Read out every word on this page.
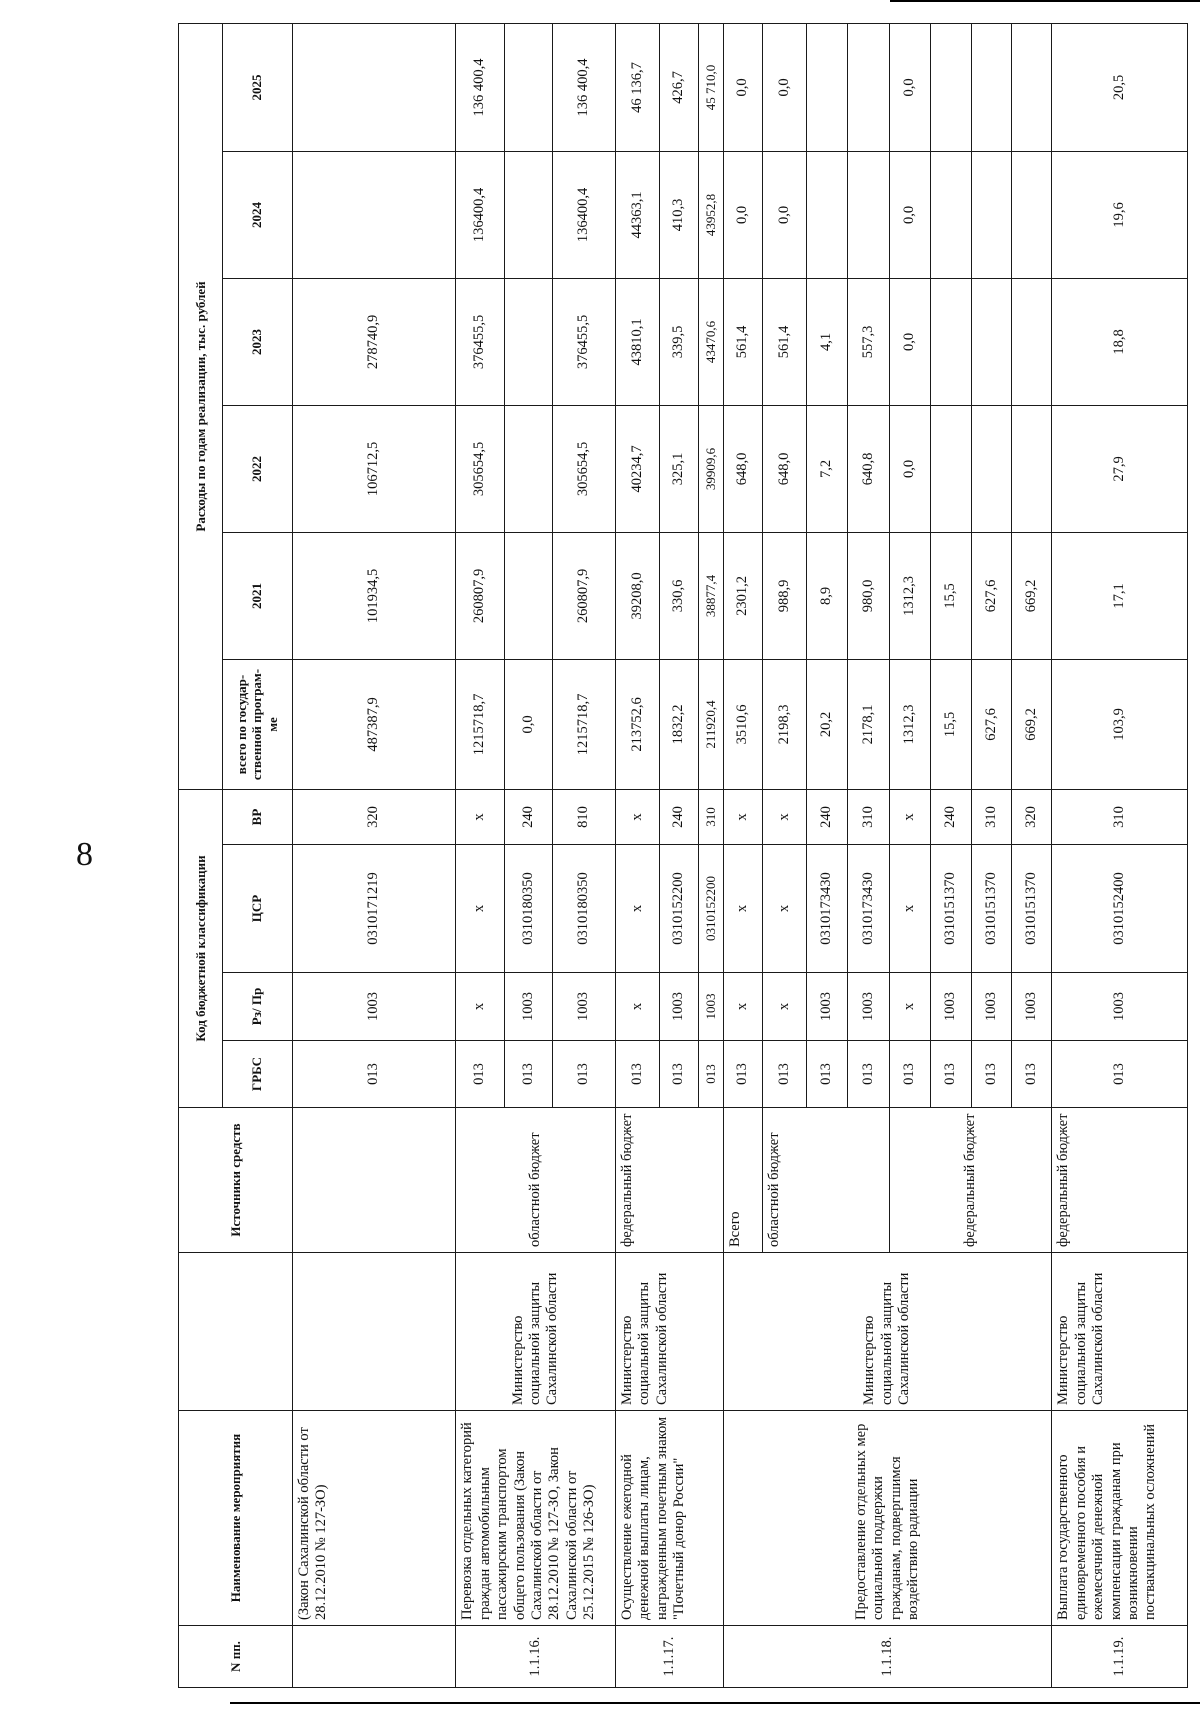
8
N пп.	Наименование мероприятия		Источники средств	Код бюджетной классификации				Расходы по годам реализации, тыс. рублей					
				ГРБС	Рз/ Пр	ЦСР	ВР	всего по государ-ственной програм-ме	2021	2022	2023	2024	2025
	(Закон Сахалинской области от 28.12.2010 № 127-ЗО)			013	1003	0310171219	320	487387,9	101934,5	106712,5	278740,9		
1.1.16.	Перевозка отдельных категорий граждан автомобильным пассажирским транспортом общего пользования (Закон Сахалинской области от 28.12.2010 № 127-ЗО, Закон Сахалинской области от 25.12.2015 № 126-ЗО)	Министерство социальной защиты Сахалинской области	областной бюджет	013	х	х	х	1215718,7	260807,9	305654,5	376455,5	136400,4	136 400,4
				013	1003	0310180350	240	0,0					
				013	1003	0310180350	810	1215718,7	260807,9	305654,5	376455,5	136400,4	136 400,4
1.1.17.	Осуществление ежегодной денежной выплаты лицам, награжденным почетным знаком "Почетный донор России"	Министерство социальной защиты Сахалинской области	федеральный бюджет	013	х	х	х	213752,6	39208,0	40234,7	43810,1	44363,1	46 136,7
				013	1003	0310152200	240	1832,2	330,6	325,1	339,5	410,3	426,7
				013	1003	0310152200	310	211920,4	38877,4	39909,6	43470,6	43952,8	45 710,0
1.1.18.	Предоставление отдельных мер социальной поддержки гражданам, подвергшимся воздействию радиации	Министерство социальной защиты Сахалинской области	Всего	013	х	х	х	3510,6	2301,2	648,0	561,4	0,0	0,0
			областной бюджет	013	х	х	х	2198,3	988,9	648,0	561,4	0,0	0,0
				013	1003	0310173430	240	20,2	8,9	7,2	4,1		
				013	1003	0310173430	310	2178,1	980,0	640,8	557,3		
			федеральный бюджет	013	х	х	х	1312,3	1312,3	0,0	0,0	0,0	0,0
				013	1003	0310151370	240	15,5	15,5				
				013	1003	0310151370	310	627,6	627,6				
				013	1003	0310151370	320	669,2	669,2				
1.1.19.	Выплата государственного единовременного пособия и ежемесячной денежной компенсации гражданам при возникновении поствакцинальных осложнений	Министерство социальной защиты Сахалинской области	федеральный бюджет	013	1003	0310152400	310	103,9	17,1	27,9	18,8	19,6	20,5
